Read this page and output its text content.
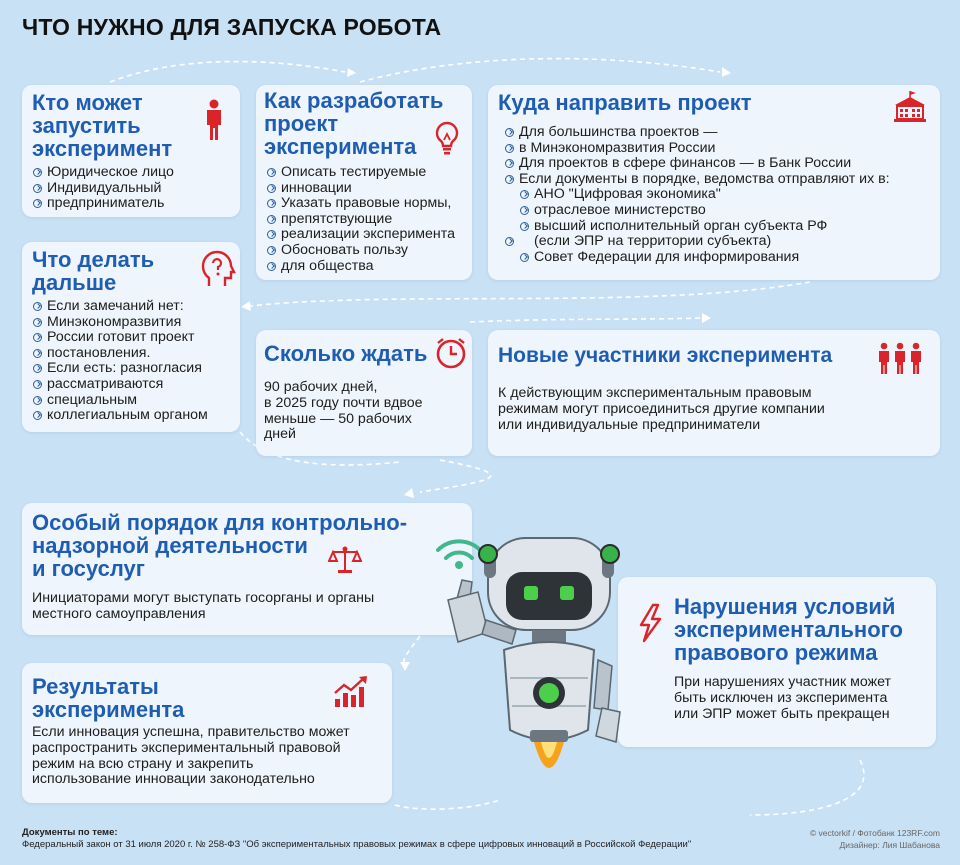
ЧТО НУЖНО ДЛЯ ЗАПУСКА РОБОТА
Кто может
запустить
эксперимент
Юридическое лицо
Индивидуальный
предприниматель
Как разработать
проект
эксперимента
Описать тестируемые
инновации
Указать правовые нормы,
препятствующие
реализации эксперимента
Обосновать пользу
для общества
Куда направить проект
Для большинства проектов —
в Минэкономразвития России
Для проектов в сфере финансов — в Банк России
Если документы в порядке, ведомства отправляют их в:
АНО "Цифровая экономика"
отраслевое министерство
высший исполнительный орган субъекта РФ
(если ЭПР на территории субъекта)
Совет Федерации для информирования
Что делать
дальше
Если замечаний нет:
Минэкономразвития
России готовит проект
постановления.
Если есть: разногласия
рассматриваются
специальным
коллегиальным органом
Сколько ждать
90 рабочих дней,
в 2025 году почти вдвое
меньше — 50 рабочих
дней
Новые участники эксперимента
К действующим экспериментальным правовым
режимам могут присоединиться другие компании
или индивидуальные предприниматели
Особый порядок для контрольно-
надзорной деятельности
и госуслуг
Инициаторами могут выступать госорганы и органы
местного самоуправления
Результаты
эксперимента
Если инновация успешна, правительство может
распространить экспериментальный правовой
режим на всю страну и закрепить
использование инновации законодательно
Нарушения условий
экспериментального
правового режима
При нарушениях участник может
быть исключен из эксперимента
или ЭПР может быть прекращен
Документы по теме:
Федеральный закон от 31 июля 2020 г. № 258-ФЗ "Об экспериментальных правовых режимах в сфере цифровых инноваций в Российской Федерации"
© vectorkif / Фотобанк 123RF.com
Дизайнер: Лия Шабанова
